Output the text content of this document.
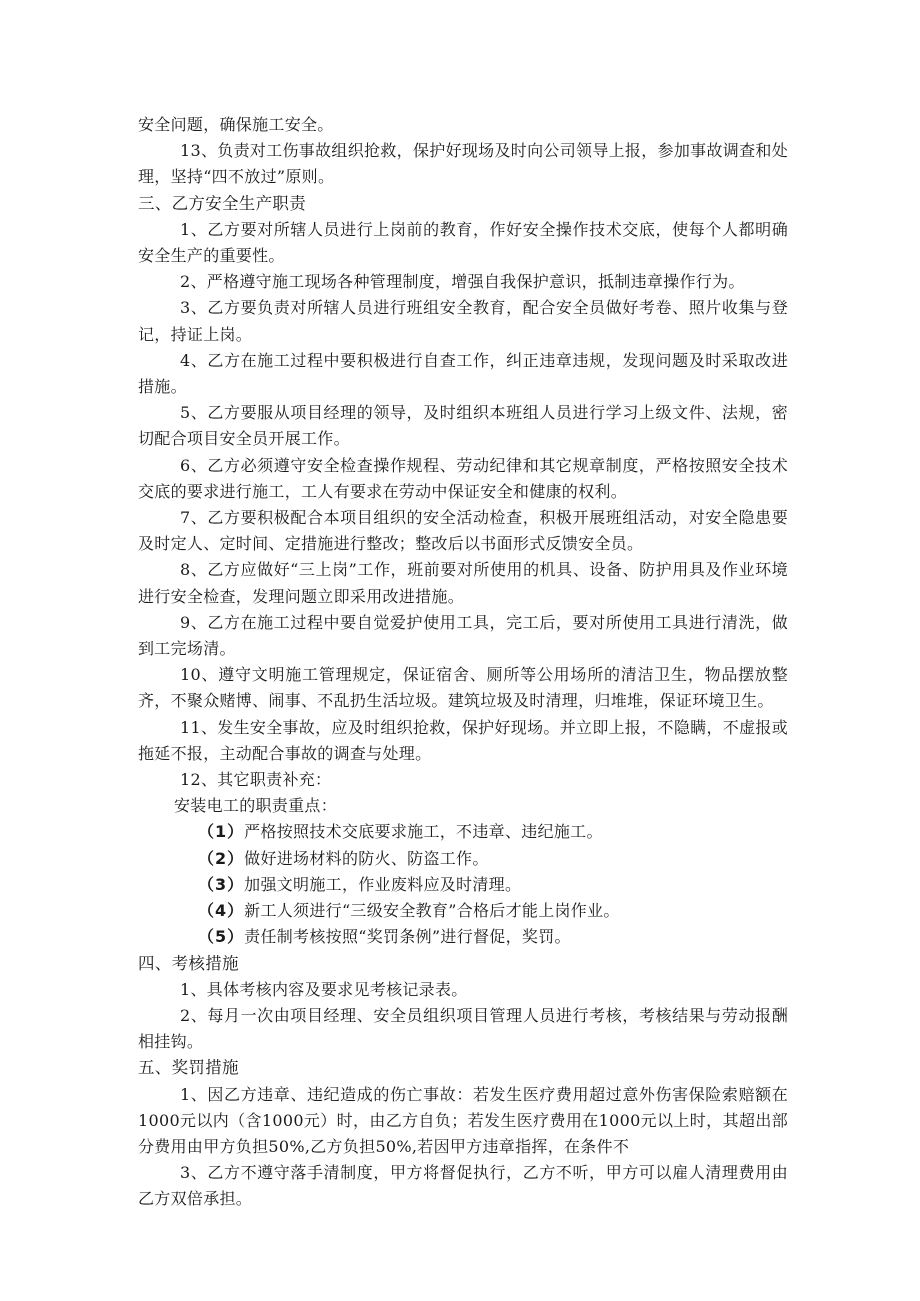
安全问题，确保施工安全。

13、负责对工伤事故组织抢救，保护好现场及时向公司领导上报，参加事故调查和处理，坚持“四不放过”原则。

三、乙方安全生产职责

1、乙方要对所辖人员进行上岗前的教育，作好安全操作技术交底，使每个人都明确安全生产的重要性。

2、严格遵守施工现场各种管理制度，增强自我保护意识，抵制违章操作行为。

3、乙方要负责对所辖人员进行班组安全教育，配合安全员做好考卷、照片收集与登记，持证上岗。

4、乙方在施工过程中要积极进行自查工作，纠正违章违规，发现问题及时采取改进措施。

5、乙方要服从项目经理的领导，及时组织本班组人员进行学习上级文件、法规，密切配合项目安全员开展工作。

6、乙方必须遵守安全检查操作规程、劳动纪律和其它规章制度，严格按照安全技术交底的要求进行施工，工人有要求在劳动中保证安全和健康的权利。

7、乙方要积极配合本项目组织的安全活动检查，积极开展班组活动，对安全隐患要及时定人、定时间、定措施进行整改；整改后以书面形式反馈安全员。

8、乙方应做好“三上岗”工作，班前要对所使用的机具、设备、防护用具及作业环境进行安全检查，发理问题立即采用改进措施。

9、乙方在施工过程中要自觉爱护使用工具，完工后，要对所使用工具进行清洗，做到工完场清。

10、遵守文明施工管理规定，保证宿舍、厕所等公用场所的清洁卫生，物品摆放整齐，不聚众赌博、闹事、不乱扔生活垃圾。建筑垃圾及时清理，归堆堆，保证环境卫生。

11、发生安全事故，应及时组织抢救，保护好现场。并立即上报，不隐瞒，不虚报或拖延不报，主动配合事故的调查与处理。

12、其它职责补充：

安装电工的职责重点：

（1）严格按照技术交底要求施工，不违章、违纪施工。

（2）做好进场材料的防火、防盗工作。

（3）加强文明施工，作业废料应及时清理。

（4）新工人须进行“三级安全教育”合格后才能上岗作业。

（5）责任制考核按照“奖罚条例”进行督促，奖罚。

四、考核措施

1、具体考核内容及要求见考核记录表。

2、每月一次由项目经理、安全员组织项目管理人员进行考核，考核结果与劳动报酬相挂钩。

五、奖罚措施

1、因乙方违章、违纪造成的伤亡事故：若发生医疗费用超过意外伤害保险索赔额在1000元以内（含1000元）时，由乙方自负；若发生医疗费用在1000元以上时，其超出部分费用由甲方负担50%,乙方负担50%,若因甲方违章指挥，在条件不

3、乙方不遵守落手清制度，甲方将督促执行，乙方不听，甲方可以雇人清理费用由乙方双倍承担。
